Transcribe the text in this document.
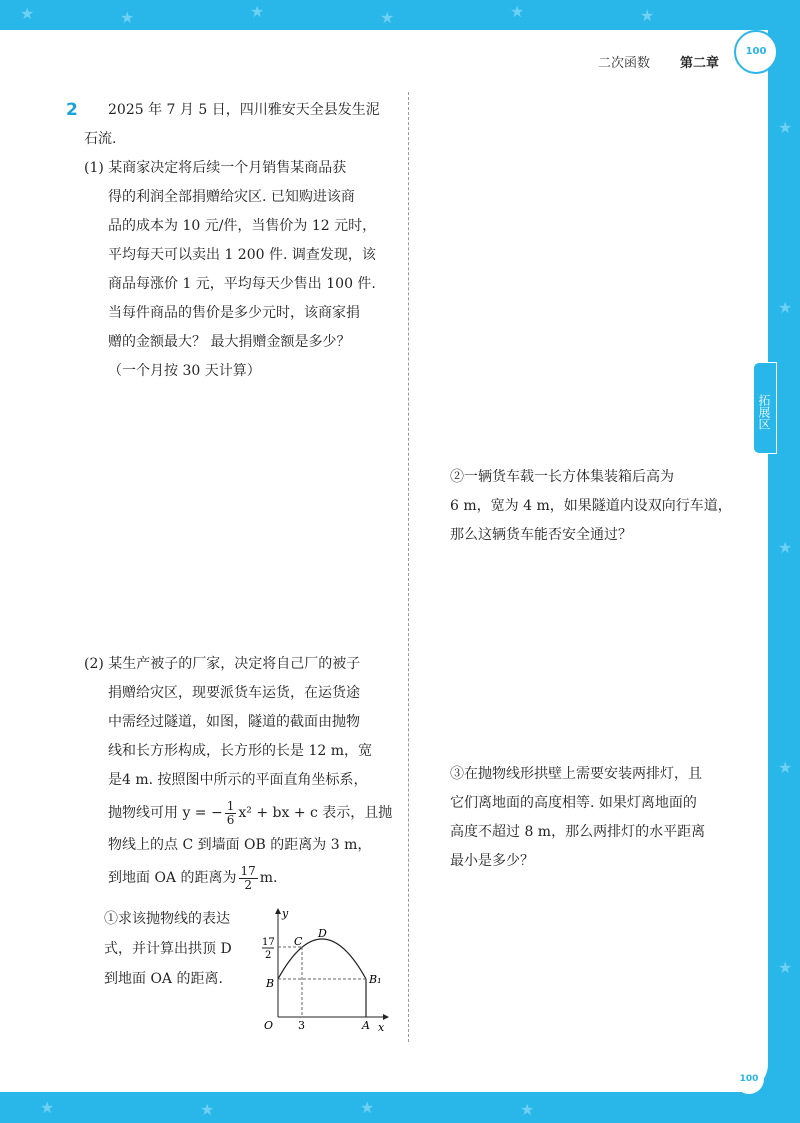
★	★	★	★	★	★
★
★
★
★
★
★	★	★	★
二次函数 第二章
100
2	2025 年 7 月 5 日，四川雅安天全县发生泥

石流.

(1) 某商家决定将后续一个月销售某商品获

得的利润全部捐赠给灾区. 已知购进该商

品的成本为 10 元/件，当售价为 12 元时，

平均每天可以卖出 1 200 件. 调查发现，该

商品每涨价 1 元，平均每天少售出 100 件.

当每件商品的售价是多少元时，该商家捐

赠的金额最大？ 最大捐赠金额是多少？

（一个月按 30 天计算）

(2) 某生产被子的厂家，决定将自己厂的被子

捐赠给灾区，现要派货车运货，在运货途

中需经过隧道，如图，隧道的截面由抛物

线和长方形构成，长方形的长是 12 m，宽

是4 m. 按照图中所示的平面直角坐标系，

抛物线可用 y = − $\frac{1}{6} x^2$ + bx + c 表示，且抛

物线上的点 C 到墙面 OB 的距离为 3 m，

到地面 OA 的距离为 $\frac{17}{2} m$.

①求该抛物线的表达

式，并计算出拱顶 D

到地面 OA 的距离.

x
y
O	A
B	B₁
C
D
3
17
2

②一辆货车载一长方体集装箱后高为

6 m，宽为 4 m，如果隧道内设双向行车道，

那么这辆货车能否安全通过？

③在抛物线形拱壁上需要安装两排灯，且

它们离地面的高度相等. 如果灯离地面的

高度不超过 8 m，那么两排灯的水平距离

最小是多少？

拓展区
上课认真听 下课练习思	54	100
